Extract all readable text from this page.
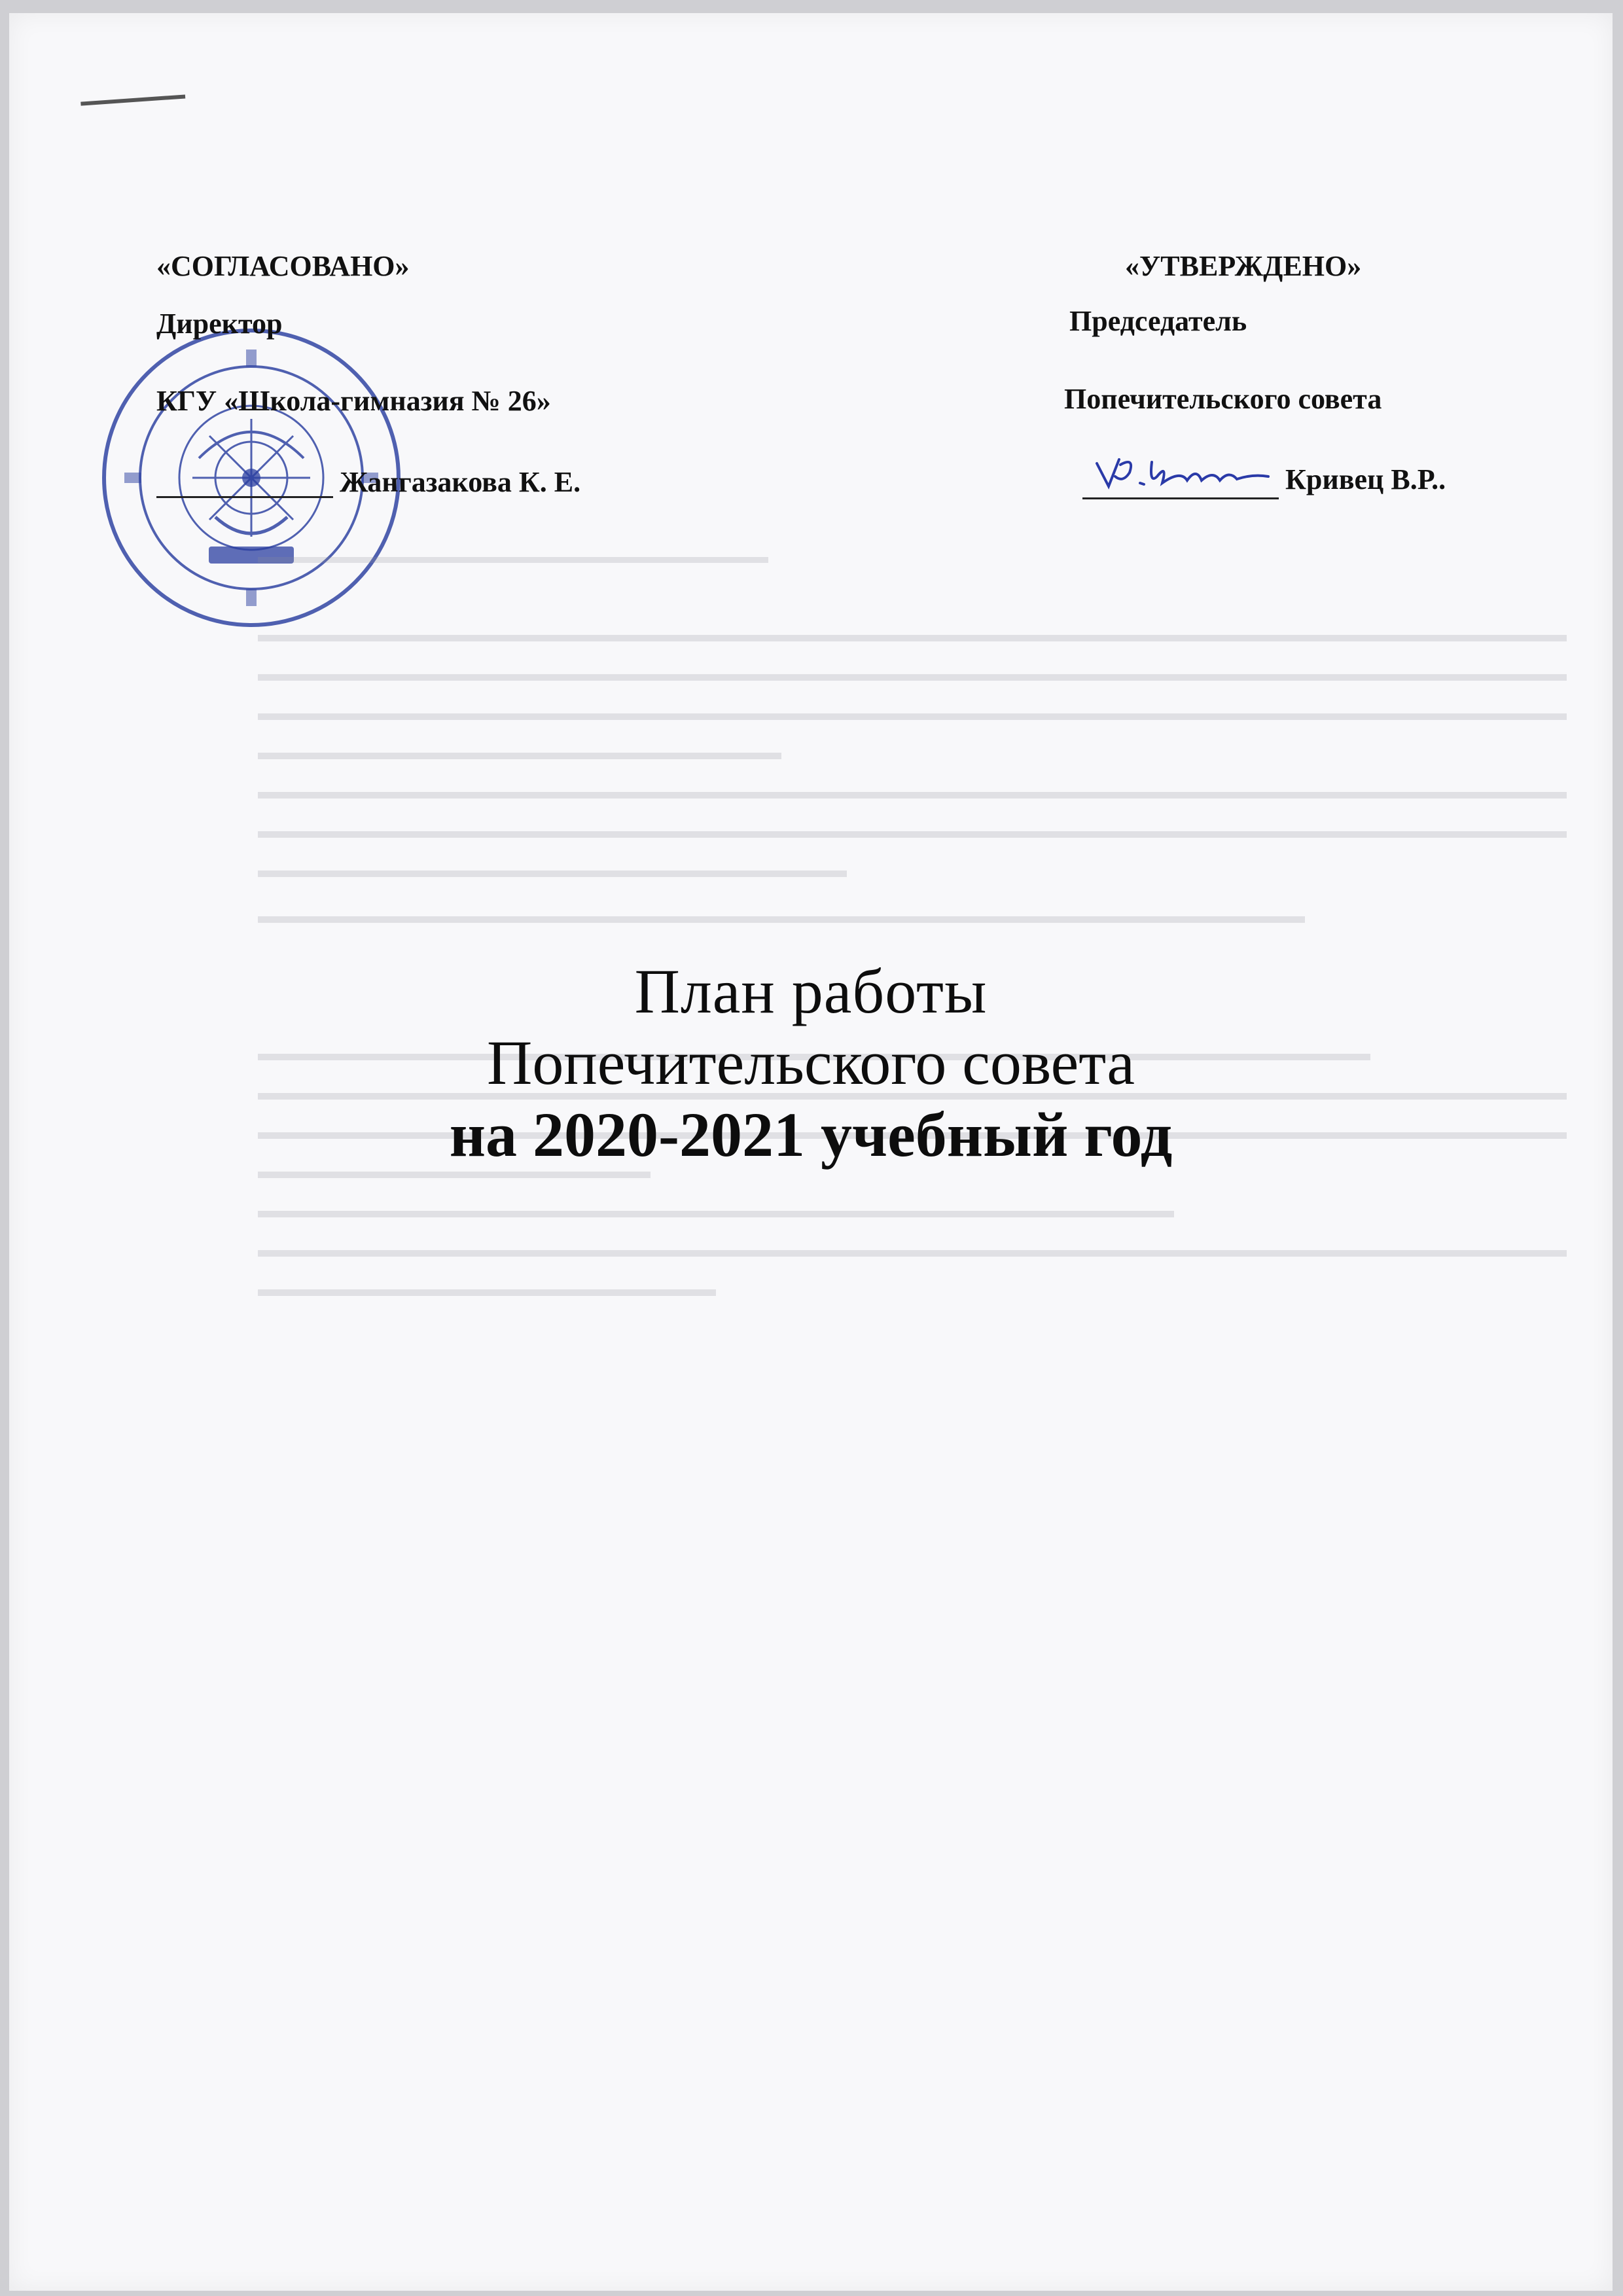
«СОГЛАСОВАНО»
Директор
КГУ «Школа-гимназия № 26»
Жангазакова К. Е.
«УТВЕРЖДЕНО»
Председатель
Попечительского совета
Кривец В.Р..
План работы
Попечительского совета
на 2020-2021 учебный год
